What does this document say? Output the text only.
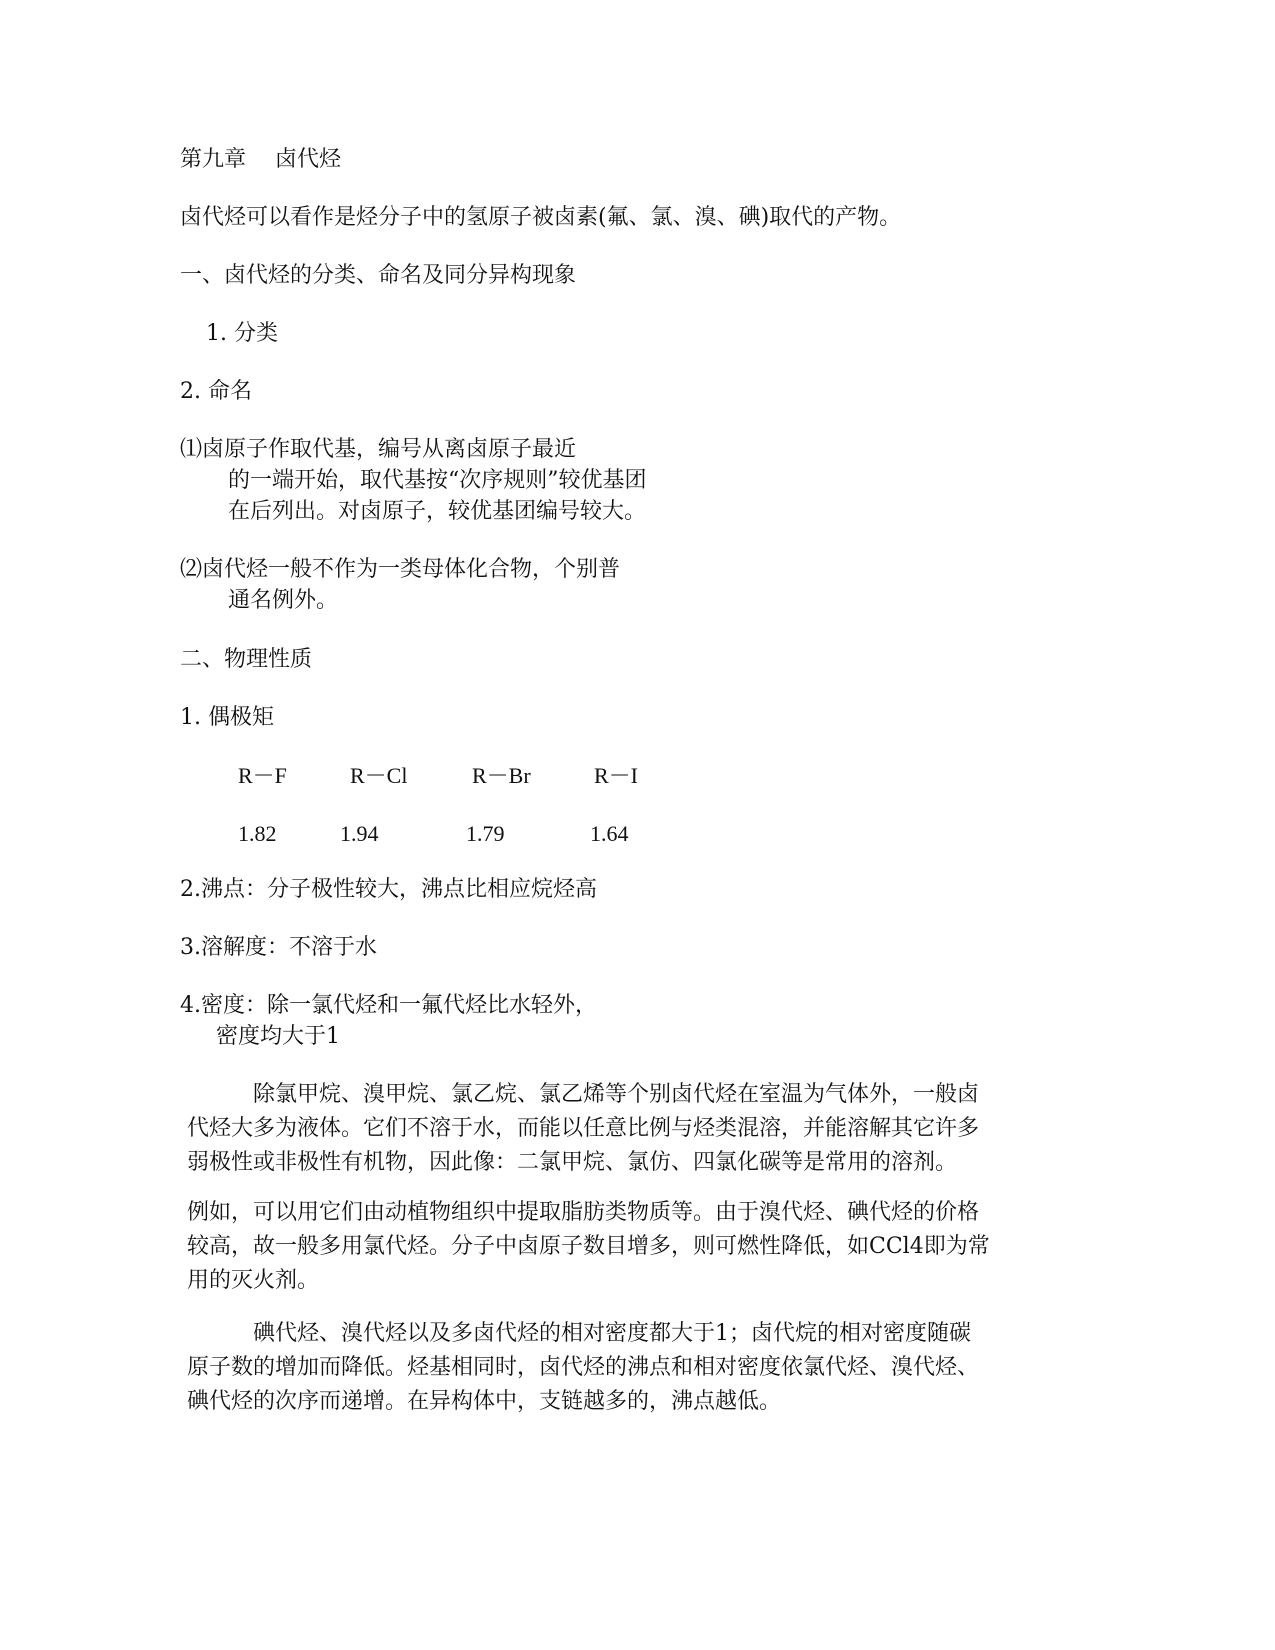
第九章　 卤代烃
卤代烃可以看作是烃分子中的氢原子被卤素(氟、氯、溴、碘)取代的产物。
一、卤代烃的分类、命名及同分异构现象
1. 分类
2. 命名
⑴卤原子作取代基，编号从离卤原子最近
的一端开始，取代基按“次序规则”较优基团
在后列出。对卤原子，较优基团编号较大。
⑵卤代烃一般不作为一类母体化合物，个别普
通名例外。
二、物理性质
1. 偶极矩
R－F	R－Cl	R－Br	R－I
1.82	1.94	1.79	1.64
2.沸点：分子极性较大，沸点比相应烷烃高
3.溶解度：不溶于水
4.密度：除一氯代烃和一氟代烃比水轻外，
密度均大于1
　　　除氯甲烷、溴甲烷、氯乙烷、氯乙烯等个别卤代烃在室温为气体外，一般卤
代烃大多为液体。它们不溶于水，而能以任意比例与烃类混溶，并能溶解其它许多
弱极性或非极性有机物，因此像：二氯甲烷、氯仿、四氯化碳等是常用的溶剂。
例如，可以用它们由动植物组织中提取脂肪类物质等。由于溴代烃、碘代烃的价格
较高，故一般多用氯代烃。分子中卤原子数目增多，则可燃性降低，如CCl4即为常
用的灭火剂。
　　　碘代烃、溴代烃以及多卤代烃的相对密度都大于1；卤代烷的相对密度随碳
原子数的增加而降低。烃基相同时，卤代烃的沸点和相对密度依氯代烃、溴代烃、
碘代烃的次序而递增。在异构体中，支链越多的，沸点越低。
